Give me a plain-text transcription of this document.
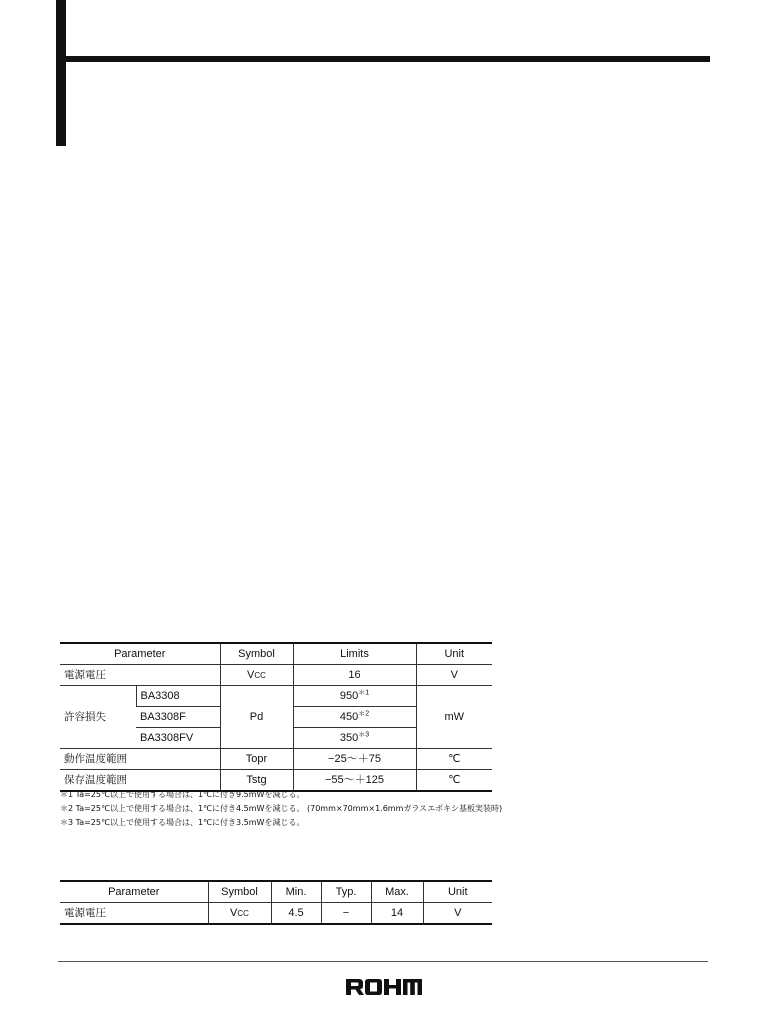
Parameter		Symbol	Limits	Unit
電源電圧		VCC	16	V
許容損失	BA3308	Pd	950$^{*1}$	mW
	BA3308F		450$^{*2}$
	BA3308FV		350$^{*3}$
動作温度範囲		Topr	−25〜＋75	℃
保存温度範囲		Tstg	−55〜＋125	℃
＊1 Ta=25℃以上で使用する場合は、1℃に付き9.5mWを減じる。
＊2 Ta=25℃以上で使用する場合は、1℃に付き4.5mWを減じる。 (70mm×70mm×1.6mmガラスエポキシ基板実装時)
＊3 Ta=25℃以上で使用する場合は、1℃に付き3.5mWを減じる。
Parameter	Symbol	Min.	Typ.	Max.	Unit
電源電圧	VCC	4.5	−	14	V
